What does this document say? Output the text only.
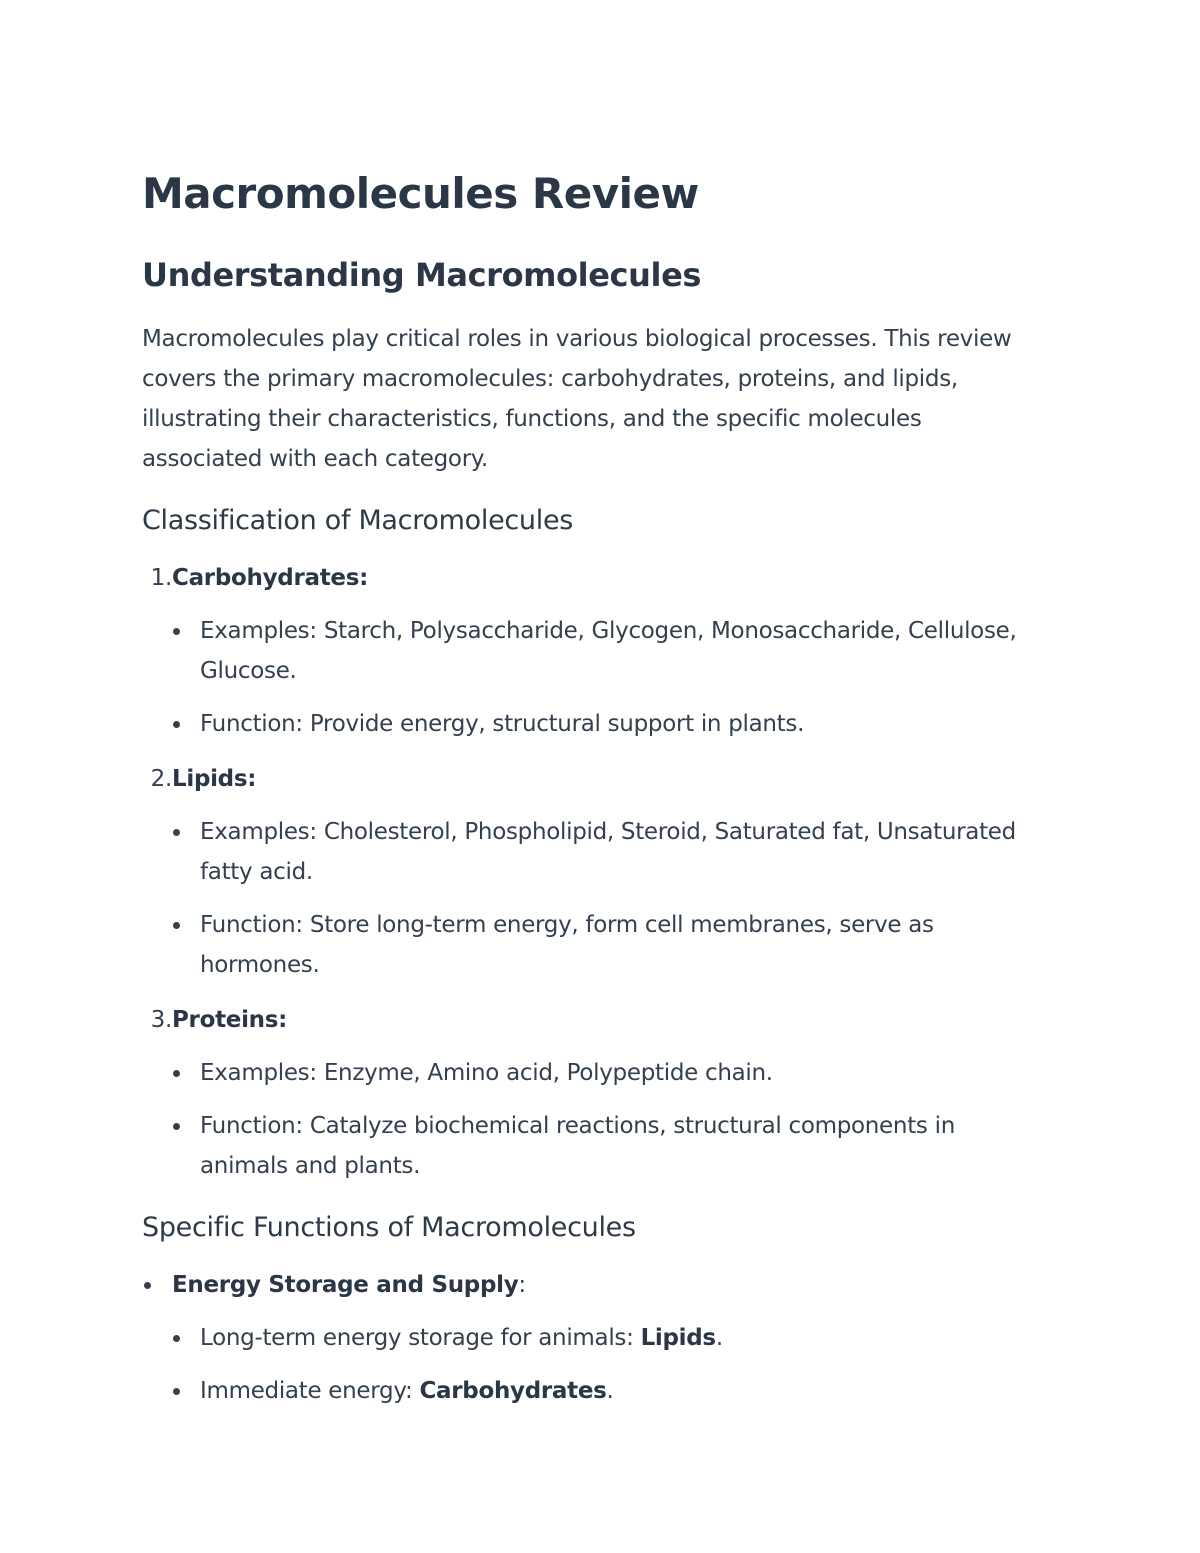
Macromolecules Review
Understanding Macromolecules

Macromolecules play critical roles in various biological processes. This review covers the primary macromolecules: carbohydrates, proteins, and lipids, illustrating their characteristics, functions, and the specific molecules associated with each category.

Classification of Macromolecules
1. Carbohydrates:
Examples: Starch, Polysaccharide, Glycogen, Monosaccharide, Cellulose, Glucose.
Function: Provide energy, structural support in plants.
2. Lipids:
Examples: Cholesterol, Phospholipid, Steroid, Saturated fat, Unsaturated fatty acid.
Function: Store long-term energy, form cell membranes, serve as hormones.
3. Proteins:
Examples: Enzyme, Amino acid, Polypeptide chain.
Function: Catalyze biochemical reactions, structural components in animals and plants.
Specific Functions of Macromolecules
Energy Storage and Supply:
Long-term energy storage for animals: Lipids.
Immediate energy: Carbohydrates.
